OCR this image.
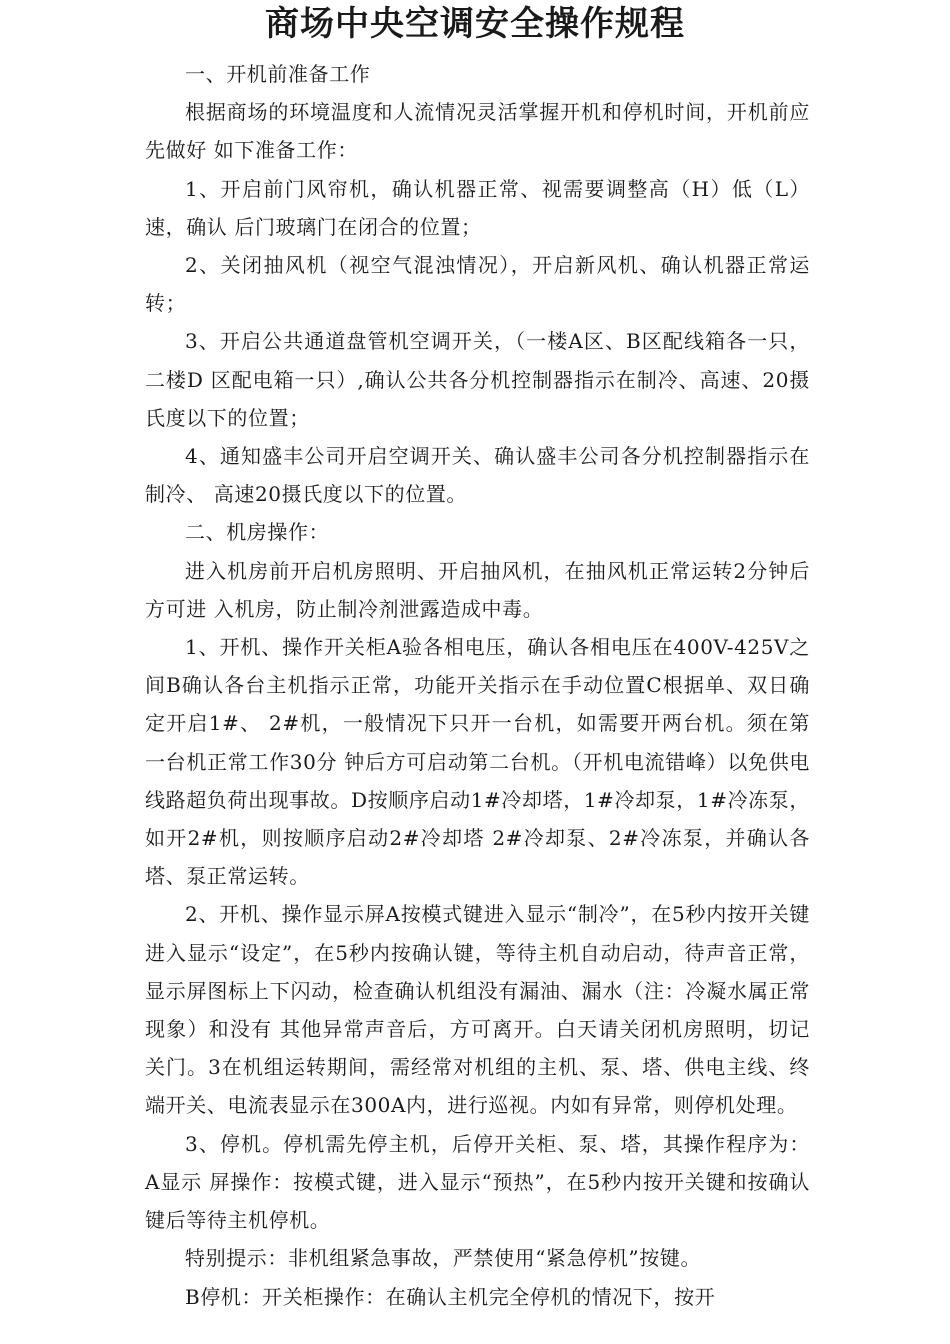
商场中央空调安全操作规程

一、开机前准备工作

根据商场的环境温度和人流情况灵活掌握开机和停机时间，开机前应先做好 如下准备工作：

1、开启前门风帘机，确认机器正常、视需要调整高（H）低（L）速，确认 后门玻璃门在闭合的位置；

2、关闭抽风机（视空气混浊情况），开启新风机、确认机器正常运转；

3、开启公共通道盘管机空调开关，（一楼A区、B区配线箱各一只，二楼D 区配电箱一只）,确认公共各分机控制器指示在制冷、高速、20摄氏度以下的位置；

4、通知盛丰公司开启空调开关、确认盛丰公司各分机控制器指示在制冷、 高速20摄氏度以下的位置。

二、机房操作：

进入机房前开启机房照明、开启抽风机，在抽风机正常运转2分钟后方可进 入机房，防止制冷剂泄露造成中毒。

1、开机、操作开关柜A验各相电压，确认各相电压在400V-425V之间B确认各台主机指示正常，功能开关指示在手动位置C根据单、双日确定开启1#、 2#机，一般情况下只开一台机，如需要开两台机。须在第一台机正常工作30分 钟后方可启动第二台机。（开机电流错峰）以免供电线路超负荷出现事故。D按顺序启动1#冷却塔，1#冷却泵，1#冷冻泵，如开2#机，则按顺序启动2#冷却塔 2#冷却泵、2#冷冻泵，并确认各塔、泵正常运转。

2、开机、操作显示屏A按模式键进入显示“制冷”，在5秒内按开关键进入显示“设定”，在5秒内按确认键，等待主机自动启动，待声音正常，显示屏图标上下闪动，检查确认机组没有漏油、漏水（注：冷凝水属正常现象）和没有 其他异常声音后，方可离开。白天请关闭机房照明，切记关门。3在机组运转期间，需经常对机组的主机、泵、塔、供电主线、终端开关、电流表显示在300A内，进行巡视。内如有异常，则停机处理。

3、停机。停机需先停主机，后停开关柜、泵、塔，其操作程序为：A显示 屏操作：按模式键，进入显示“预热”，在5秒内按开关键和按确认键后等待主机停机。

特别提示：非机组紧急事故，严禁使用“紧急停机”按键。

B停机：开关柜操作：在确认主机完全停机的情况下，按开
